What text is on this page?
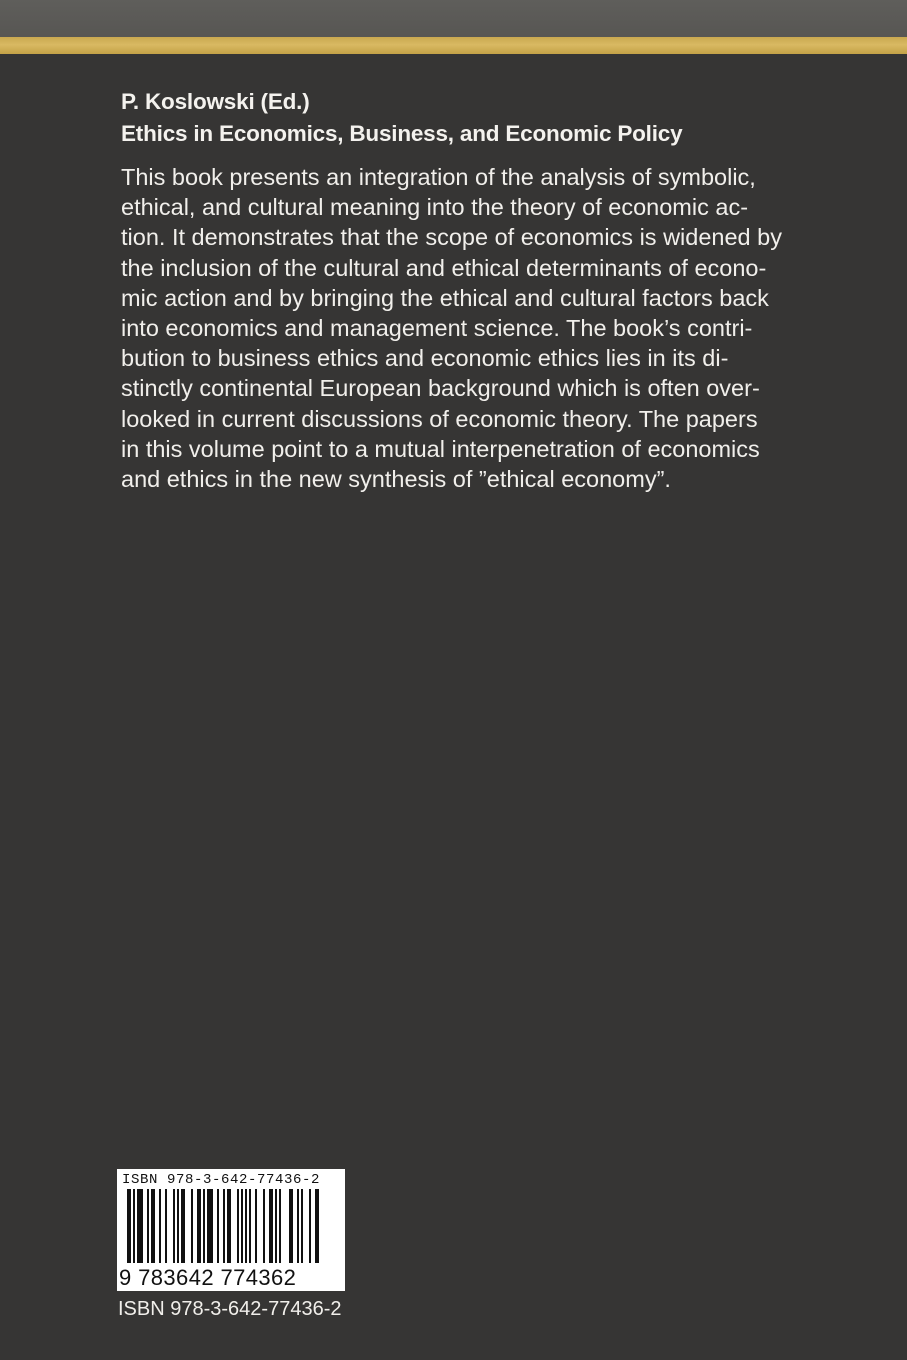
P. Koslowski (Ed.)

Ethics in Economics, Business, and Economic Policy

This book presents an integration of the analysis of symbolic,
ethical, and cultural meaning into the theory of economic ac-
tion. It demonstrates that the scope of economics is widened by
the inclusion of the cultural and ethical determinants of econo-
mic action and by bringing the ethical and cultural factors back
into economics and management science. The book’s contri-
bution to business ethics and economic ethics lies in its di-
stinctly continental European background which is often over-
looked in current discussions of economic theory. The papers
in this volume point to a mutual interpenetration of economics
and ethics in the new synthesis of ”ethical economy”.

ISBN 978-3-642-77436-2

9 783642 774362

ISBN 978-3-642-77436-2
